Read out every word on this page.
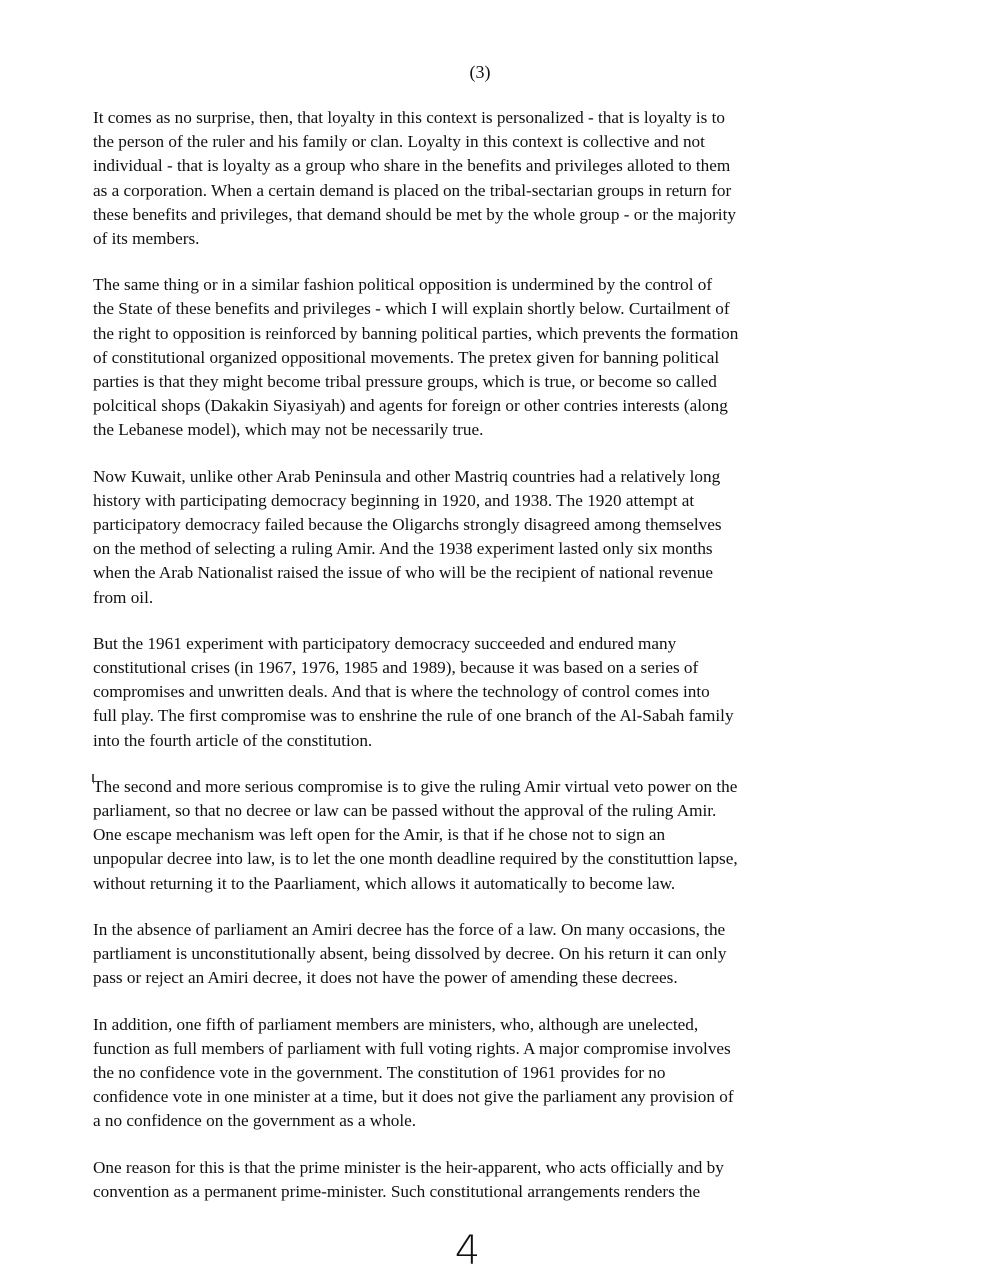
(3)

It comes as no surprise, then, that loyalty in this context is personalized - that is loyalty is to
the person of the ruler and his family or clan. Loyalty in this context is collective and not
individual - that is loyalty as a group who share in the benefits and privileges alloted to them
as a corporation. When a certain demand is placed on the tribal-sectarian groups in return for
these benefits and privileges, that demand should be met by the whole group - or the majority
of its members.

The same thing or in a similar fashion political opposition is undermined by the control of
the State of these benefits and privileges - which I will explain shortly below. Curtailment of
the right to opposition is reinforced by banning political parties, which prevents the formation
of constitutional organized oppositional movements. The pretex given for banning political
parties is that they might become tribal pressure groups, which is true, or become so called
polcitical shops (Dakakin Siyasiyah) and agents for foreign or other contries interests (along
the Lebanese model), which may not be necessarily true.

Now Kuwait, unlike other Arab Peninsula and other Mastriq countries had a relatively long
history with participating democracy beginning in 1920, and 1938. The 1920 attempt at
participatory democracy failed because the Oligarchs strongly disagreed among themselves
on the method of selecting a ruling Amir. And the 1938 experiment lasted only six months
when the Arab Nationalist raised the issue of who will be the recipient of national revenue
from oil.

But the 1961 experiment with participatory democracy succeeded and endured many
constitutional crises (in 1967, 1976, 1985 and 1989), because it was based on a series of
compromises and unwritten deals. And that is where the technology of control comes into
full play. The first compromise was to enshrine the rule of one branch of the Al-Sabah family
into the fourth article of the constitution.

The second and more serious compromise is to give the ruling Amir virtual veto power on the
parliament, so that no decree or law can be passed without the approval of the ruling Amir.
One escape mechanism was left open for the Amir, is that if he chose not to sign an
unpopular decree into law, is to let the one month deadline required by the constituttion lapse,
without returning it to the Paarliament, which allows it automatically to become law.

In the absence of parliament an Amiri decree has the force of a law. On many occasions, the
partliament is unconstitutionally absent, being dissolved by decree. On his return it can only
pass or reject an Amiri decree, it does not have the power of amending these decrees.

In addition, one fifth of parliament members are ministers, who, although are unelected,
function as full members of parliament with full voting rights. A major compromise involves
the no confidence vote in the government. The constitution of 1961 provides for no
confidence vote in one minister at a time, but it does not give the parliament any provision of
a no confidence on the government as a whole.

One reason for this is that the prime minister is the heir-apparent, who acts officially and by
convention as a permanent prime-minister. Such constitutional arrangements renders the

4
